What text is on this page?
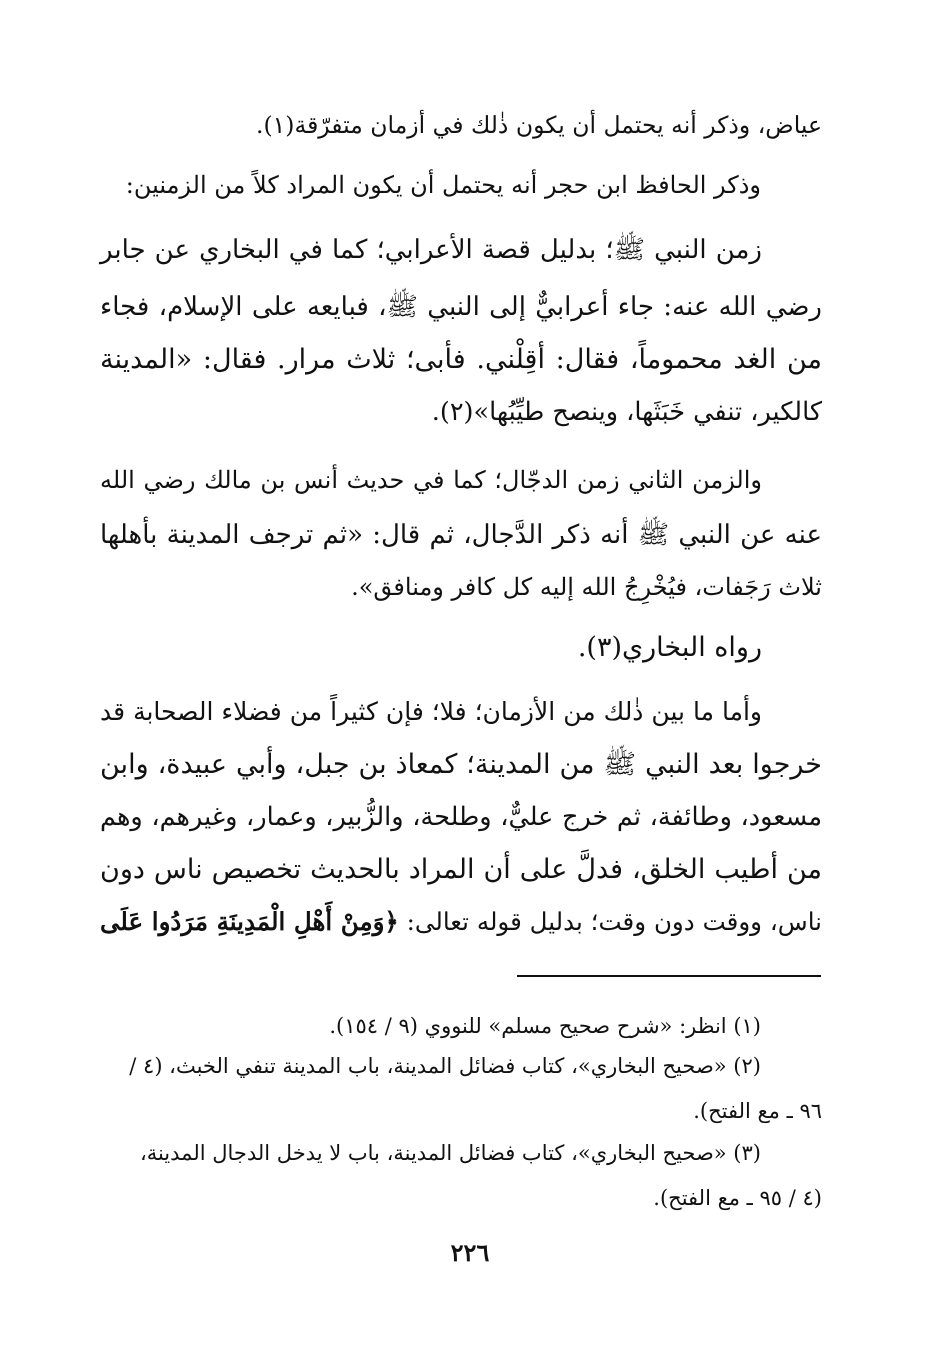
عياض، وذكر أنه يحتمل أن يكون ذٰلك في أزمان متفرّقة(١).
وذكر الحافظ ابن حجر أنه يحتمل أن يكون المراد كلاً من الزمنين:
زمن النبي ﷺ؛ بدليل قصة الأعرابي؛ كما في البخاري عن جابر
رضي الله عنه: جاء أعرابيٌّ إلى النبي ﷺ، فبايعه على الإسلام، فجاء
من الغد محموماً، فقال: أقِلْني. فأبى؛ ثلاث مرار. فقال: «المدينة
كالكير، تنفي خَبَثَها، وينصح طيِّبُها»(٢).
والزمن الثاني زمن الدجّال؛ كما في حديث أنس بن مالك رضي الله
عنه عن النبي ﷺ أنه ذكر الدَّجال، ثم قال: «ثم ترجف المدينة بأهلها
ثلاث رَجَفات، فيُخْرِجُ الله إليه كل كافر ومنافق».
رواه البخاري(٣).
وأما ما بين ذٰلك من الأزمان؛ فلا؛ فإن كثيراً من فضلاء الصحابة قد
خرجوا بعد النبي ﷺ من المدينة؛ كمعاذ بن جبل، وأبي عبيدة، وابن
مسعود، وطائفة، ثم خرج عليٌّ، وطلحة، والزُّبير، وعمار، وغيرهم، وهم
من أطيب الخلق، فدلَّ على أن المراد بالحديث تخصيص ناس دون
ناس، ووقت دون وقت؛ بدليل قوله تعالى: ﴿وَمِنْ أَهْلِ الْمَدِينَةِ مَرَدُوا عَلَى
(١) انظر: «شرح صحيح مسلم» للنووي (٩ / ١٥٤).
(٢) «صحيح البخاري»، كتاب فضائل المدينة، باب المدينة تنفي الخبث، (٤ /
٩٦ ـ مع الفتح).
(٣) «صحيح البخاري»، كتاب فضائل المدينة، باب لا يدخل الدجال المدينة،
(٤ / ٩٥ ـ مع الفتح).
٢٢٦
